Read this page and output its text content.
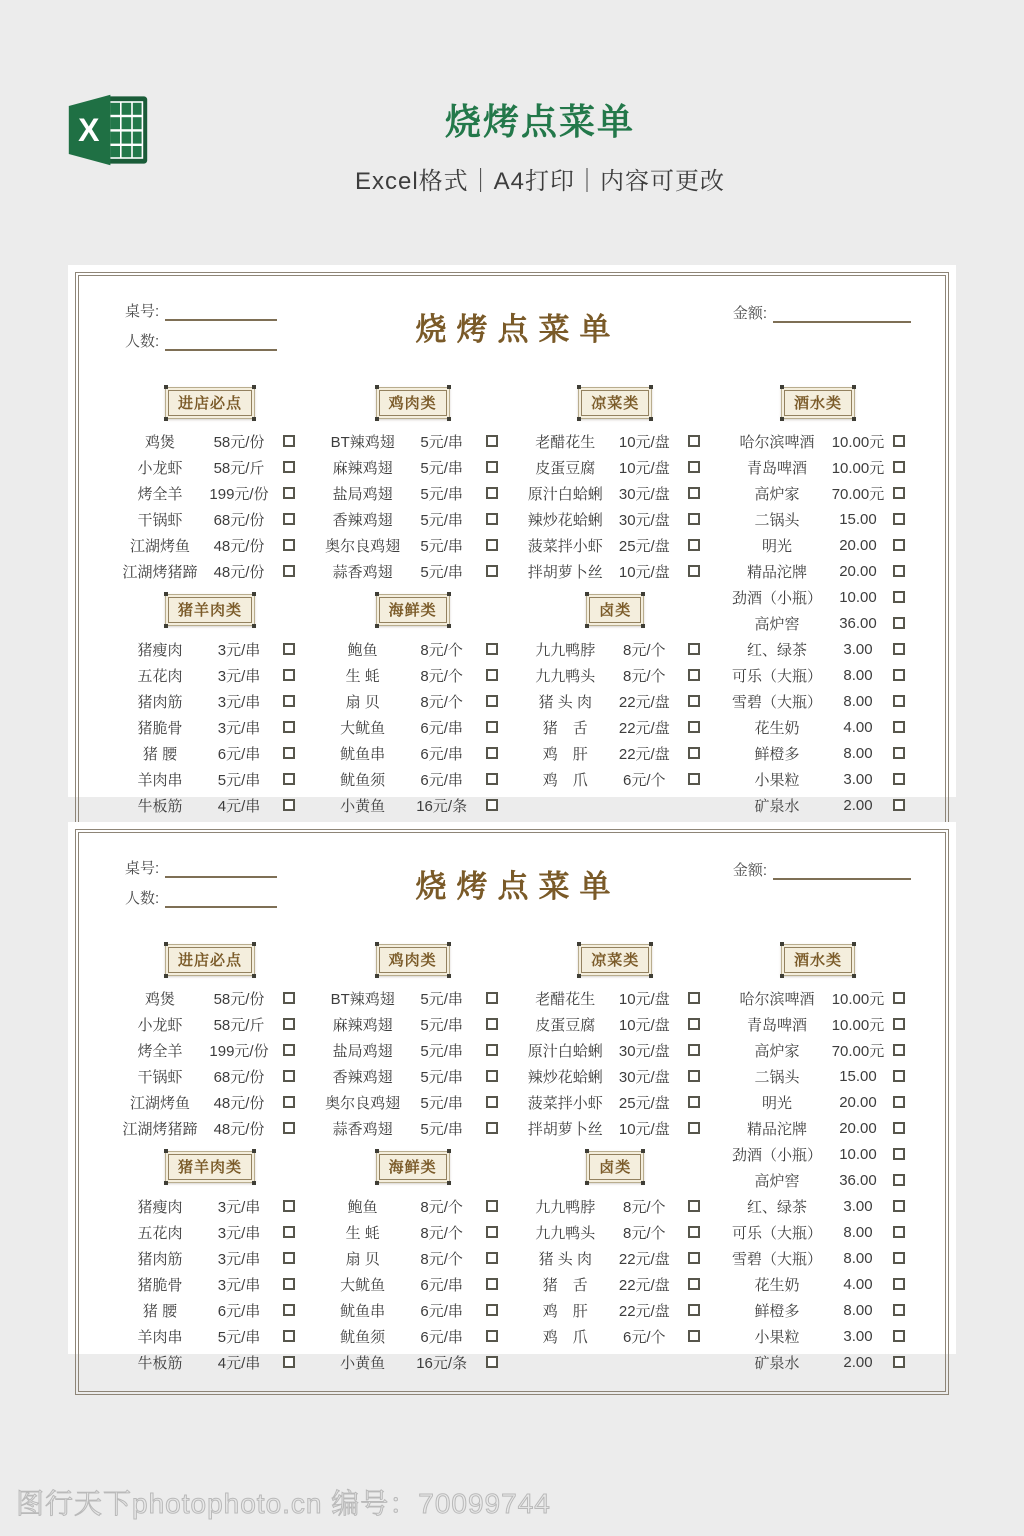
X	烧烤点菜单

Excel格式｜A4打印｜内容可更改

桌号:
人数:	烧烤点菜单	金额:
进店必点
鸡煲	58元/份
小龙虾	58元/斤
烤全羊	199元/份
干锅虾	68元/份
江湖烤鱼	48元/份
江湖烤猪蹄	48元/份
猪羊肉类
猪瘦肉	3元/串
五花肉	3元/串
猪肉筋	3元/串
猪脆骨	3元/串
猪 腰	6元/串
羊肉串	5元/串
牛板筋	4元/串
鸡肉类
BT辣鸡翅	5元/串
麻辣鸡翅	5元/串
盐局鸡翅	5元/串
香辣鸡翅	5元/串
奥尔良鸡翅	5元/串
蒜香鸡翅	5元/串
海鲜类
鲍鱼	8元/个
生 蚝	8元/个
扇 贝	8元/个
大鱿鱼	6元/串
鱿鱼串	6元/串
鱿鱼须	6元/串
小黄鱼	16元/条
凉菜类
老醋花生	10元/盘
皮蛋豆腐	10元/盘
原汁白蛤蜊	30元/盘
辣炒花蛤蜊	30元/盘
菠菜拌小虾	25元/盘
拌胡萝卜丝	10元/盘
卤类
九九鸭脖	8元/个
九九鸭头	8元/个
猪 头 肉	22元/盘
猪　舌	22元/盘
鸡　肝	22元/盘
鸡　爪	6元/个
酒水类
哈尔滨啤酒	10.00元
青岛啤酒	10.00元
高炉家	70.00元
二锅头	15.00
明光	20.00
精品沱牌	20.00
劲酒（小瓶）	10.00
高炉窖	36.00
红、绿茶	3.00
可乐（大瓶）	8.00
雪碧（大瓶）	8.00
花生奶	4.00
鲜橙多	8.00
小果粒	3.00
矿泉水	2.00
桌号:
人数:	烧烤点菜单	金额:
进店必点
鸡煲	58元/份
小龙虾	58元/斤
烤全羊	199元/份
干锅虾	68元/份
江湖烤鱼	48元/份
江湖烤猪蹄	48元/份
猪羊肉类
猪瘦肉	3元/串
五花肉	3元/串
猪肉筋	3元/串
猪脆骨	3元/串
猪 腰	6元/串
羊肉串	5元/串
牛板筋	4元/串
鸡肉类
BT辣鸡翅	5元/串
麻辣鸡翅	5元/串
盐局鸡翅	5元/串
香辣鸡翅	5元/串
奥尔良鸡翅	5元/串
蒜香鸡翅	5元/串
海鲜类
鲍鱼	8元/个
生 蚝	8元/个
扇 贝	8元/个
大鱿鱼	6元/串
鱿鱼串	6元/串
鱿鱼须	6元/串
小黄鱼	16元/条
凉菜类
老醋花生	10元/盘
皮蛋豆腐	10元/盘
原汁白蛤蜊	30元/盘
辣炒花蛤蜊	30元/盘
菠菜拌小虾	25元/盘
拌胡萝卜丝	10元/盘
卤类
九九鸭脖	8元/个
九九鸭头	8元/个
猪 头 肉	22元/盘
猪　舌	22元/盘
鸡　肝	22元/盘
鸡　爪	6元/个
酒水类
哈尔滨啤酒	10.00元
青岛啤酒	10.00元
高炉家	70.00元
二锅头	15.00
明光	20.00
精品沱牌	20.00
劲酒（小瓶）	10.00
高炉窖	36.00
红、绿茶	3.00
可乐（大瓶）	8.00
雪碧（大瓶）	8.00
花生奶	4.00
鲜橙多	8.00
小果粒	3.00
矿泉水	2.00
图行天下photophoto.cn 编号：70099744
